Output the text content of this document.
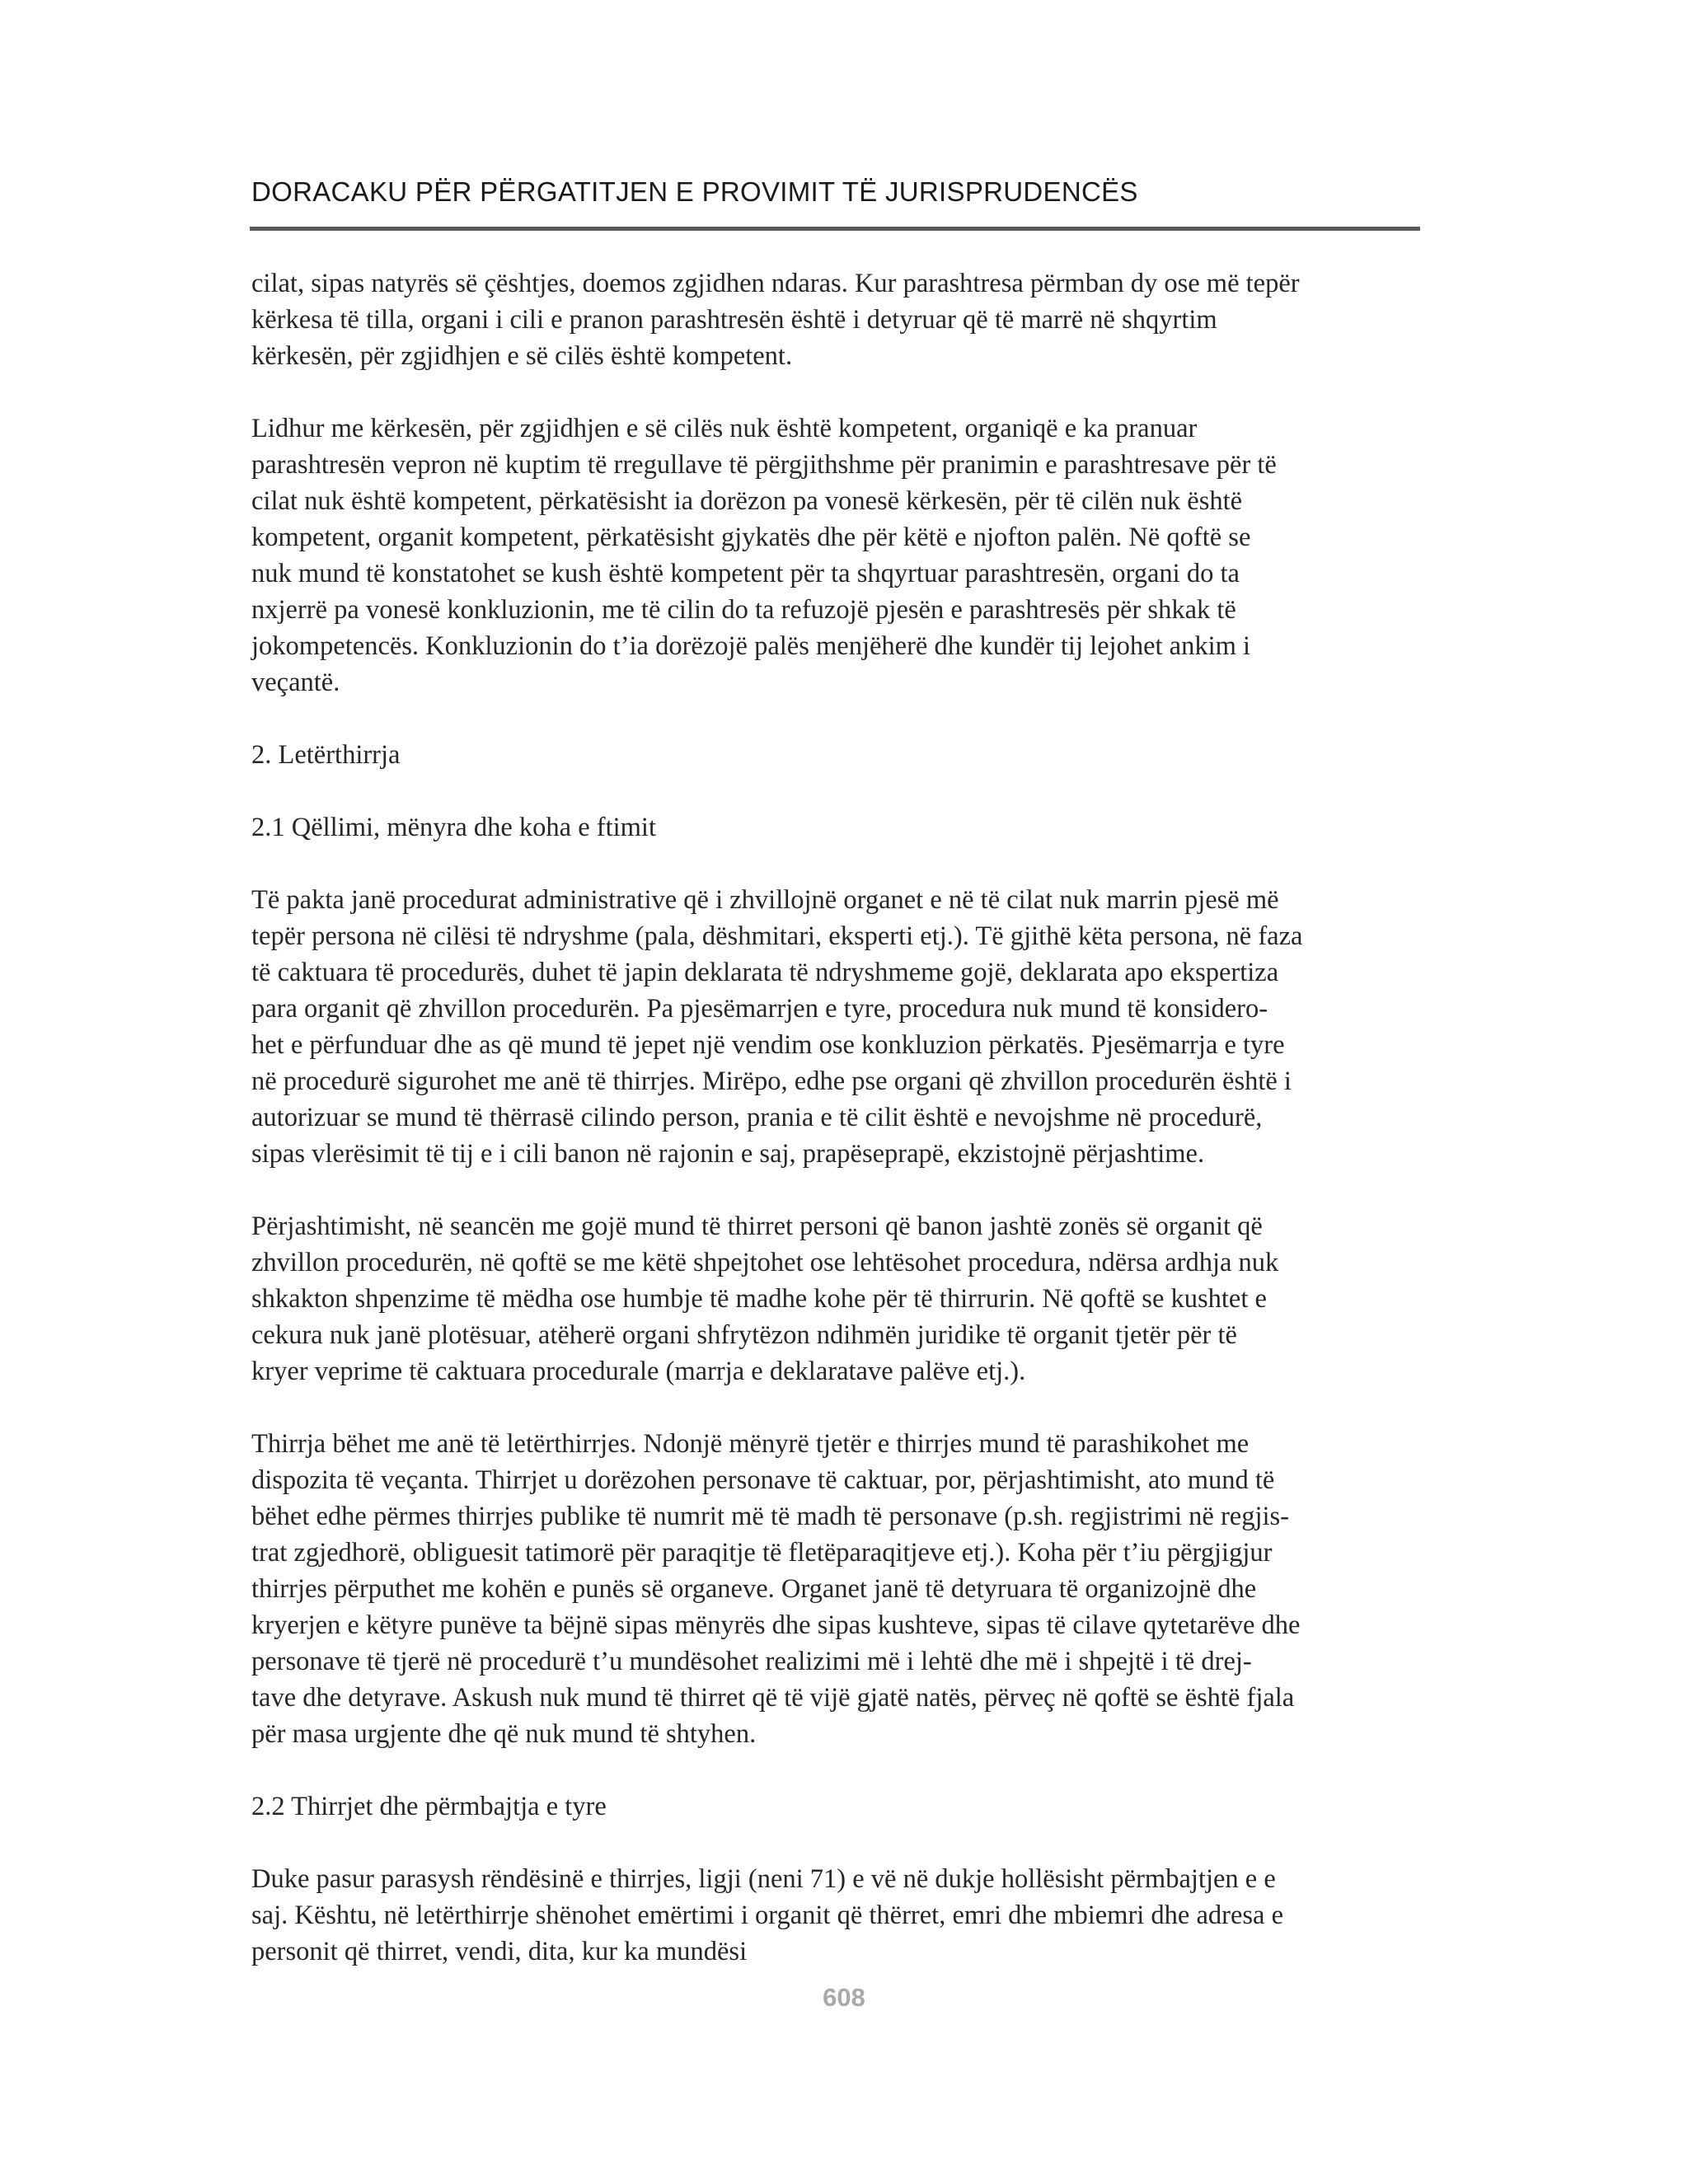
DORACAKU PËR PËRGATITJEN E PROVIMIT TË JURISPRUDENCËS

cilat, sipas natyrës së çështjes, doemos zgjidhen ndaras. Kur parashtresa përmban dy ose më tepër
kërkesa të tilla, organi i cili e pranon parashtresën është i detyruar që të marrë në shqyrtim
kërkesën, për zgjidhjen e së cilës është kompetent.

Lidhur me kërkesën, për zgjidhjen e së cilës nuk është kompetent, organiqë e ka pranuar
parashtresën vepron në kuptim të rregullave të përgjithshme për pranimin e parashtresave për të
cilat nuk është kompetent, përkatësisht ia dorëzon pa vonesë kërkesën, për të cilën nuk është
kompetent, organit kompetent, përkatësisht gjykatës dhe për këtë e njofton palën. Në qoftë se
nuk mund të konstatohet se kush është kompetent për ta shqyrtuar parashtresën, organi do ta
nxjerrë pa vonesë konkluzionin, me të cilin do ta refuzojë pjesën e parashtresës për shkak të
jokompetencës. Konkluzionin do t’ia dorëzojë palës menjëherë dhe kundër tij lejohet ankim i
veçantë.

2. Letërthirrja

2.1 Qëllimi, mënyra dhe koha e ftimit

Të pakta janë procedurat administrative që i zhvillojnë organet e në të cilat nuk marrin pjesë më
tepër persona në cilësi të ndryshme (pala, dëshmitari, eksperti etj.). Të gjithë këta persona, në faza
të caktuara të procedurës, duhet të japin deklarata të ndryshmeme gojë, deklarata apo ekspertiza
para organit që zhvillon procedurën. Pa pjesëmarrjen e tyre, procedura nuk mund të konsidero-
het e përfunduar dhe as që mund të jepet një vendim ose konkluzion përkatës. Pjesëmarrja e tyre
në procedurë sigurohet me anë të thirrjes. Mirëpo, edhe pse organi që zhvillon procedurën është i
autorizuar se mund të thërrasë cilindo person, prania e të cilit është e nevojshme në procedurë,
sipas vlerësimit të tij e i cili banon në rajonin e saj, prapëseprapë, ekzistojnë përjashtime.

Përjashtimisht, në seancën me gojë mund të thirret personi që banon jashtë zonës së organit që
zhvillon procedurën, në qoftë se me këtë shpejtohet ose lehtësohet procedura, ndërsa ardhja nuk
shkakton shpenzime të mëdha ose humbje të madhe kohe për të thirrurin. Në qoftë se kushtet e
cekura nuk janë plotësuar, atëherë organi shfrytëzon ndihmën juridike të organit tjetër për të
kryer veprime të caktuara procedurale (marrja e deklaratave palëve etj.).

Thirrja bëhet me anë të letërthirrjes. Ndonjë mënyrë tjetër e thirrjes mund të parashikohet me
dispozita të veçanta. Thirrjet u dorëzohen personave të caktuar, por, përjashtimisht, ato mund të
bëhet edhe përmes thirrjes publike të numrit më të madh të personave (p.sh. regjistrimi në regjis-
trat zgjedhorë, obliguesit tatimorë për paraqitje të fletëparaqitjeve etj.). Koha për t’iu përgjigjur
thirrjes përputhet me kohën e punës së organeve. Organet janë të detyruara të organizojnë dhe
kryerjen e këtyre punëve ta bëjnë sipas mënyrës dhe sipas kushteve, sipas të cilave qytetarëve dhe
personave të tjerë në procedurë t’u mundësohet realizimi më i lehtë dhe më i shpejtë i të drej-
tave dhe detyrave. Askush nuk mund të thirret që të vijë gjatë natës, përveç në qoftë se është fjala
për masa urgjente dhe që nuk mund të shtyhen.

2.2 Thirrjet dhe përmbajtja e tyre

Duke pasur parasysh rëndësinë e thirrjes, ligji (neni 71) e vë në dukje hollësisht përmbajtjen e e
saj. Kështu, në letërthirrje shënohet emërtimi i organit që thërret, emri dhe mbiemri dhe adresa e
personit që thirret, vendi, dita, kur ka mundësi

608
